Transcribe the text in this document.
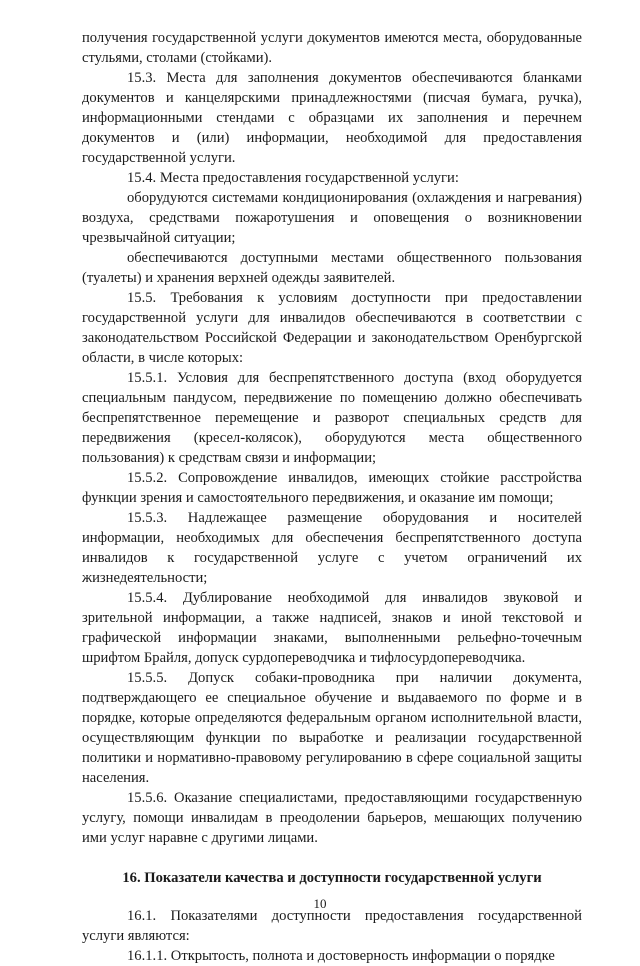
получения государственной услуги документов имеются места, оборудованные стульями, столами (стойками).

15.3. Места для заполнения документов обеспечиваются бланками документов и канцелярскими принадлежностями (писчая бумага, ручка), информационными стендами с образцами их заполнения и перечнем документов и (или) информации, необходимой для предоставления государственной услуги.

15.4. Места предоставления государственной услуги:

оборудуются системами кондиционирования (охлаждения и нагревания) воздуха, средствами пожаротушения и оповещения о возникновении чрезвычайной ситуации;

обеспечиваются доступными местами общественного пользования (туалеты) и хранения верхней одежды заявителей.

15.5. Требования к условиям доступности при предоставлении государственной услуги для инвалидов обеспечиваются в соответствии с законодательством Российской Федерации и законодательством Оренбургской области, в числе которых:

15.5.1. Условия для беспрепятственного доступа (вход оборудуется специальным пандусом, передвижение по помещению должно обеспечивать беспрепятственное перемещение и разворот специальных средств для передвижения (кресел-колясок), оборудуются места общественного пользования) к средствам связи и информации;

15.5.2. Сопровождение инвалидов, имеющих стойкие расстройства функции зрения и самостоятельного передвижения, и оказание им помощи;

15.5.3. Надлежащее размещение оборудования и носителей информации, необходимых для обеспечения беспрепятственного доступа инвалидов к государственной услуге с учетом ограничений их жизнедеятельности;

15.5.4. Дублирование необходимой для инвалидов звуковой и зрительной информации, а также надписей, знаков и иной текстовой и графической информации знаками, выполненными рельефно-точечным шрифтом Брайля, допуск сурдопереводчика и тифлосурдопереводчика.

15.5.5. Допуск собаки-проводника при наличии документа, подтверждающего ее специальное обучение и выдаваемого по форме и в порядке, которые определяются федеральным органом исполнительной власти, осуществляющим функции по выработке и реализации государственной политики и нормативно-правовому регулированию в сфере социальной защиты населения.

15.5.6. Оказание специалистами, предоставляющими государственную услугу, помощи инвалидам в преодолении барьеров, мешающих получению ими услуг наравне с другими лицами.

16. Показатели качества и доступности государственной услуги

16.1. Показателями доступности предоставления государственной услуги являются:

16.1.1. Открытость, полнота и достоверность информации о порядке

10
